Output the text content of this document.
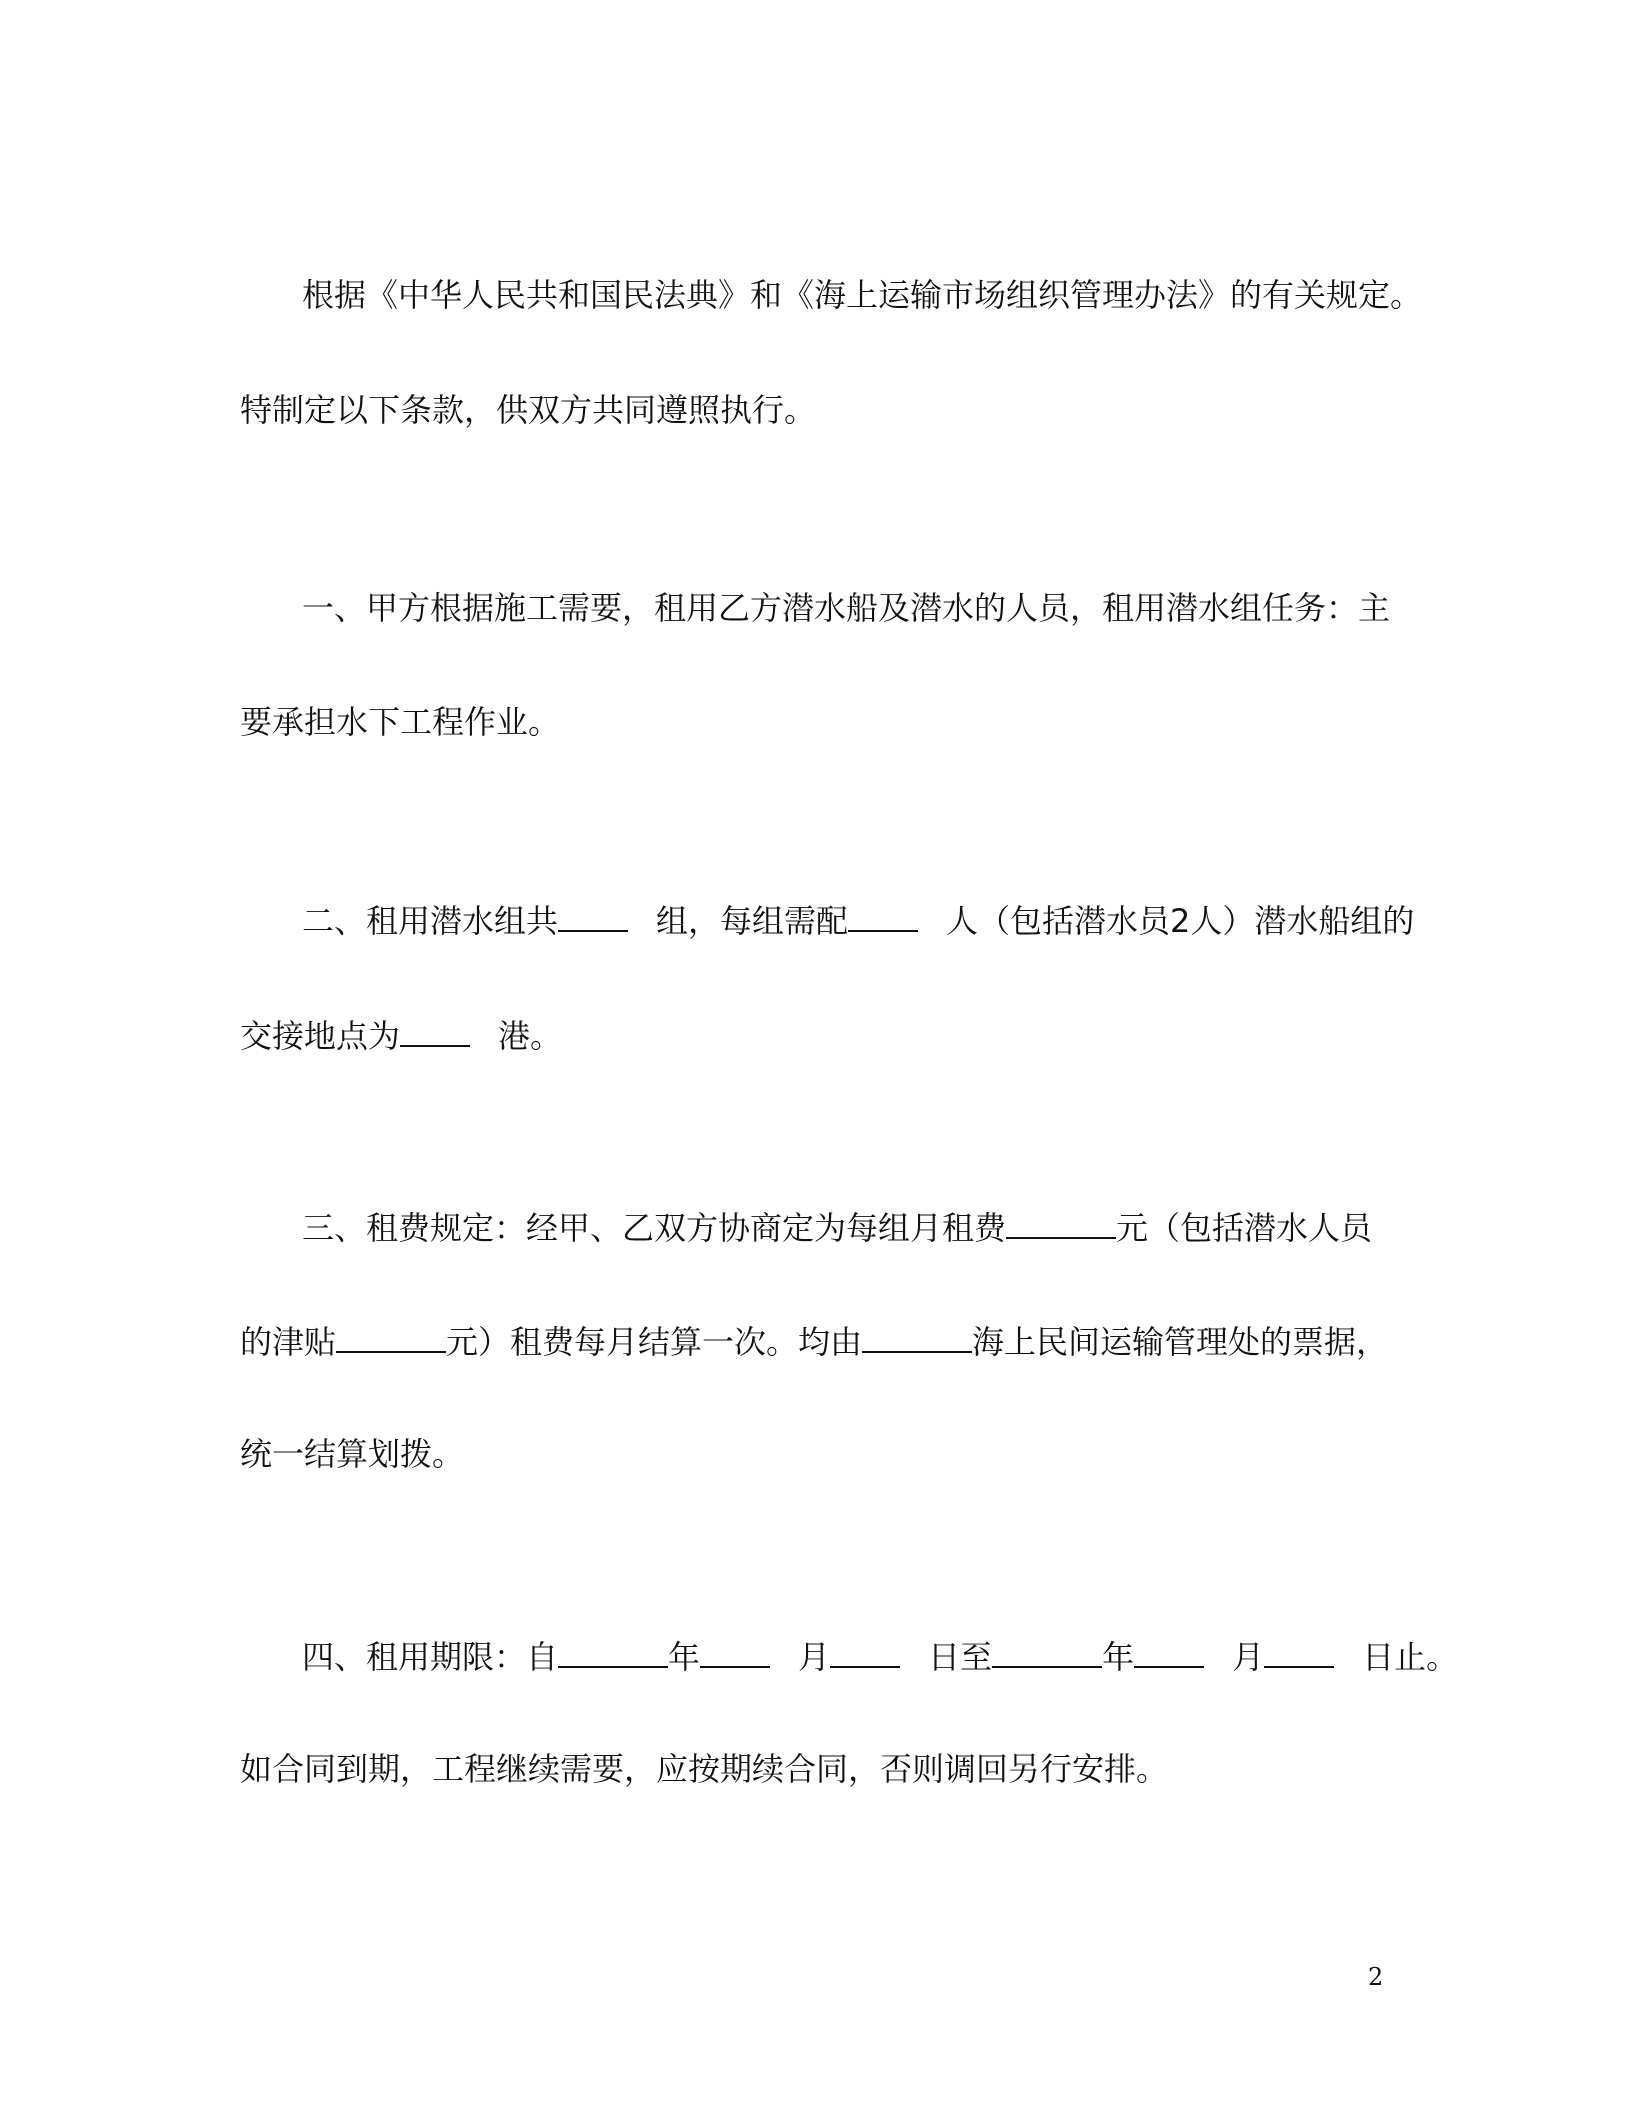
根据《中华人民共和国民法典》和《海上运输市场组织管理办法》的有关规定。
特制定以下条款，供双方共同遵照执行。
一、甲方根据施工需要，租用乙方潜水船及潜水的人员，租用潜水组任务：主
要承担水下工程作业。
二、租用潜水组共	组，每组需配	人（包括潜水员2人）潜水船组的
交接地点为	港。
三、租费规定：经甲、乙双方协商定为每组月租费	元（包括潜水人员
的津贴	元）租费每月结算一次。均由	海上民间运输管理处的票据，
统一结算划拨。
四、租用期限：自	年	月	日至	年	月	日止。
如合同到期，工程继续需要，应按期续合同，否则调回另行安排。
2
